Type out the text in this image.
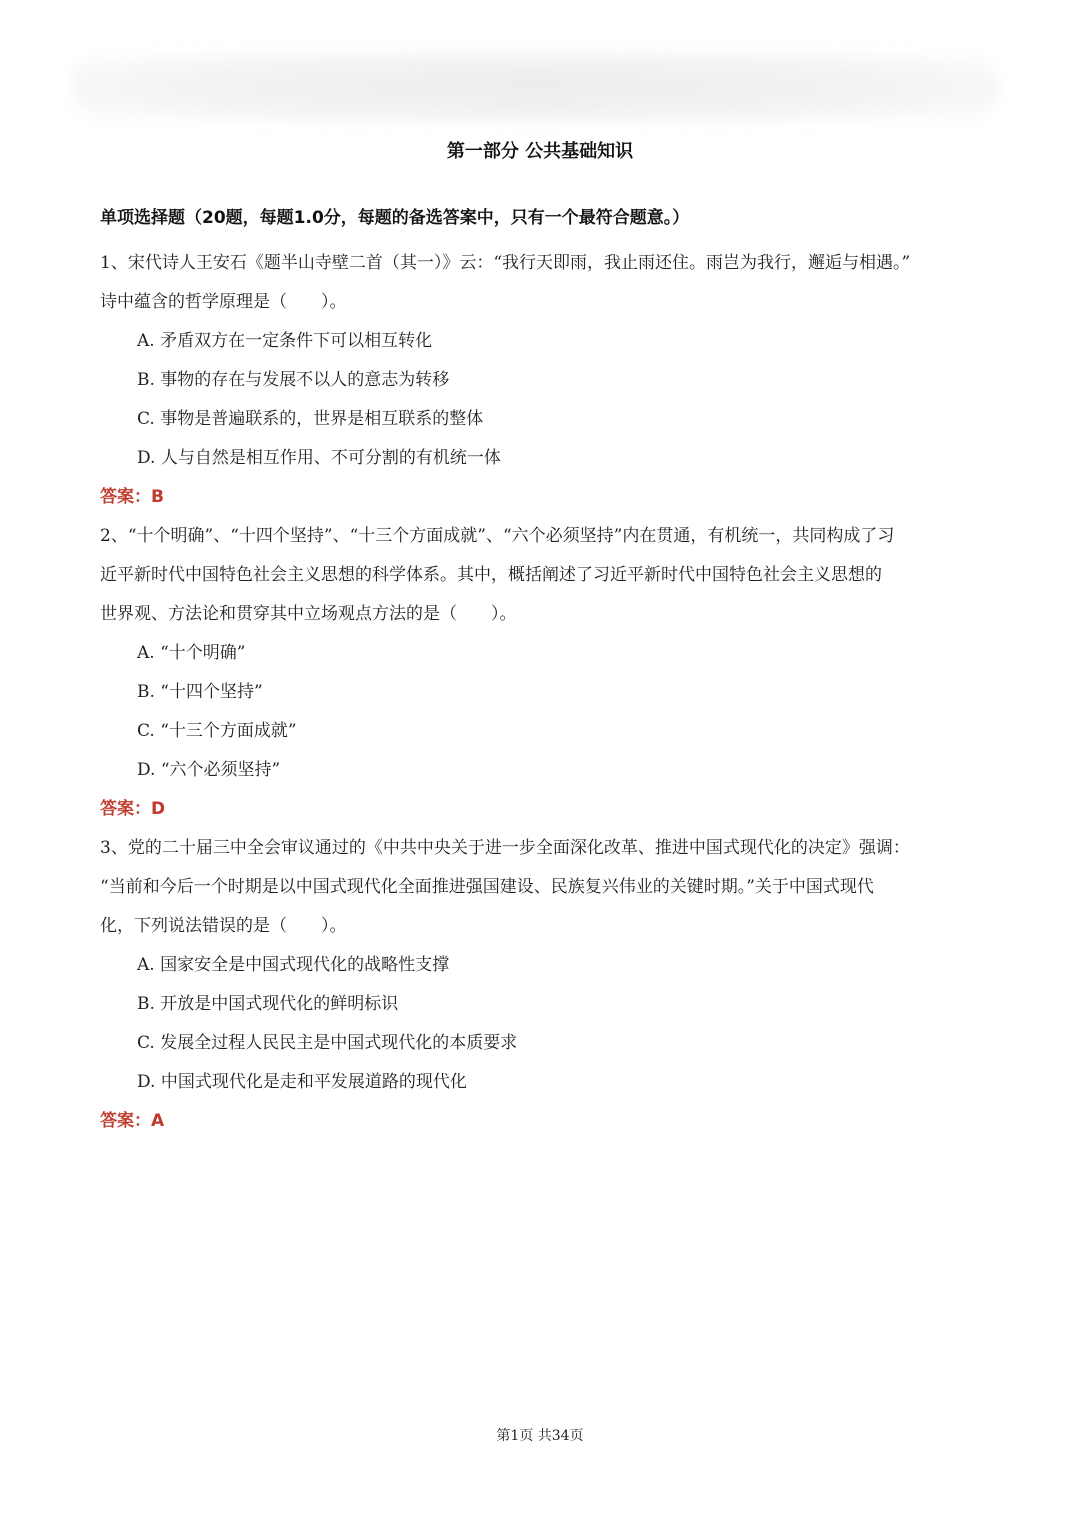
第一部分 公共基础知识
单项选择题（20题，每题1.0分，每题的备选答案中，只有一个最符合题意。）
1、宋代诗人王安石《题半山寺壁二首（其一）》云：“我行天即雨，我止雨还住。雨岂为我行，邂逅与相遇。”
诗中蕴含的哲学原理是（　　）。
A. 矛盾双方在一定条件下可以相互转化
B. 事物的存在与发展不以人的意志为转移
C. 事物是普遍联系的，世界是相互联系的整体
D. 人与自然是相互作用、不可分割的有机统一体
答案：B
2、“十个明确”、“十四个坚持”、“十三个方面成就”、“六个必须坚持”内在贯通，有机统一，共同构成了习
近平新时代中国特色社会主义思想的科学体系。其中，概括阐述了习近平新时代中国特色社会主义思想的
世界观、方法论和贯穿其中立场观点方法的是（　　）。
A. “十个明确”
B. “十四个坚持”
C. “十三个方面成就”
D. “六个必须坚持”
答案：D
3、党的二十届三中全会审议通过的《中共中央关于进一步全面深化改革、推进中国式现代化的决定》强调：
“当前和今后一个时期是以中国式现代化全面推进强国建设、民族复兴伟业的关键时期。”关于中国式现代
化，下列说法错误的是（　　）。
A. 国家安全是中国式现代化的战略性支撑
B. 开放是中国式现代化的鲜明标识
C. 发展全过程人民民主是中国式现代化的本质要求
D. 中国式现代化是走和平发展道路的现代化
答案：A
第1页 共34页
